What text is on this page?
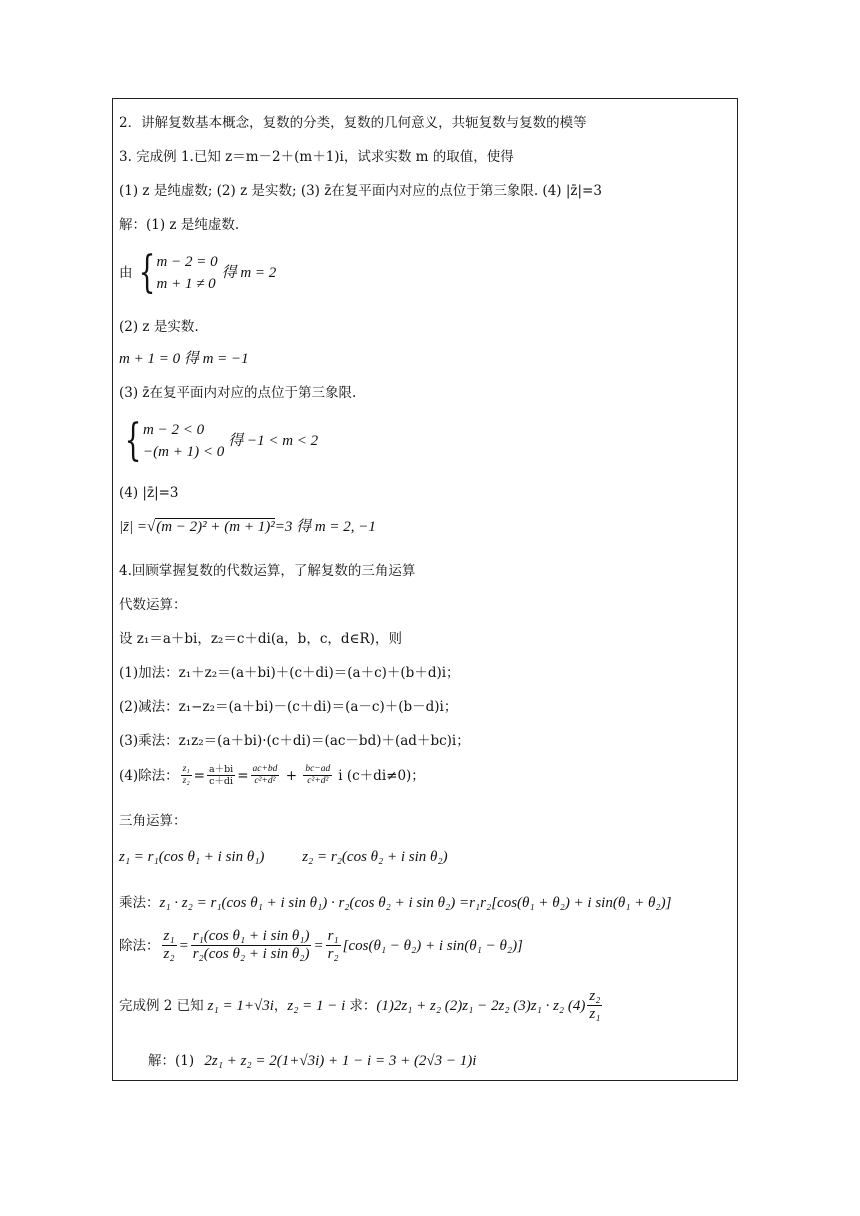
2．讲解复数基本概念，复数的分类，复数的几何意义，共轭复数与复数的模等
3. 完成例 1.已知 z＝m－2＋(m＋1)i，试求实数 m 的取值，使得
(1) z 是纯虚数; (2) z 是实数; (3) z̄在复平面内对应的点位于第三象限. (4) |z̄|=3
解：(1) z 是纯虚数.
由 { m − 2 = 0
m + 1 ≠ 0
得 m = 2
(2) z 是实数.
m + 1 = 0 得 m = −1
(3) z̄在复平面内对应的点位于第三象限.
{ m − 2 < 0
−(m + 1) < 0
得 −1 < m < 2
(4) |z̄|=3
|z̄| =√(m − 2)² + (m + 1)²=3 得 m = 2, −1
4.回顾掌握复数的代数运算，了解复数的三角运算
代数运算：
设 z₁＝a＋bi，z₂＝c＋di(a，b，c，d∈R)，则
(1)加法：z₁＋z₂＝(a＋bi)＋(c＋di)＝(a＋c)＋(b＋d)i；
(2)减法：z₁−z₂＝(a＋bi)－(c＋di)＝(a－c)＋(b－d)i；
(3)乘法：z₁z₂＝(a＋bi)·(c＋di)＝(ac－bd)＋(ad＋bc)i；
(4)除法： $\frac{\text{z₁}}{\text{z₂}} = \frac{a+bi}{c+di} = \frac{ac+bd}{\text{c²+d²}} + \frac{bc-ad}{\text{c²+d²}}$ i (c＋di≠0)；
三角运算：
z₁ = r₁(cos θ₁ + i sin θ₁)	z₂ = r₂(cos θ₂ + i sin θ₂)
乘法：z₁ · z₂ = r₁(cos θ₁ + i sin θ₁) · r₂(cos θ₂ + i sin θ₂) =r₁r₂[cos(θ₁ + θ₂) + i sin(θ₁ + θ₂)]
除法： $\frac{\text{z₁}}{\text{z₂}} = \frac{\text{r₁(cos θ₁ + i sin θ₁)}}{\text{r₂(cos θ₂ + i sin θ₂)}} = \frac{\text{r₁}}{\text{r₂}} [\cos(\theta_1 - \theta_2) + i$ sin(θ₁ − θ₂)]
完成例 2 已知 z₁ = 1+√3i ， z₂ = 1 − i 求： (1)2z₁ + z₂ (2)z₁ − 2z₂ (3)z₁ · z₂ $(4) \frac{\text{z₂}}{\text{z₁}}$
解：(1) 2z₁ + z₂ = 2(1+√3i) + 1 − i = 3 + (2√3 − 1)i
